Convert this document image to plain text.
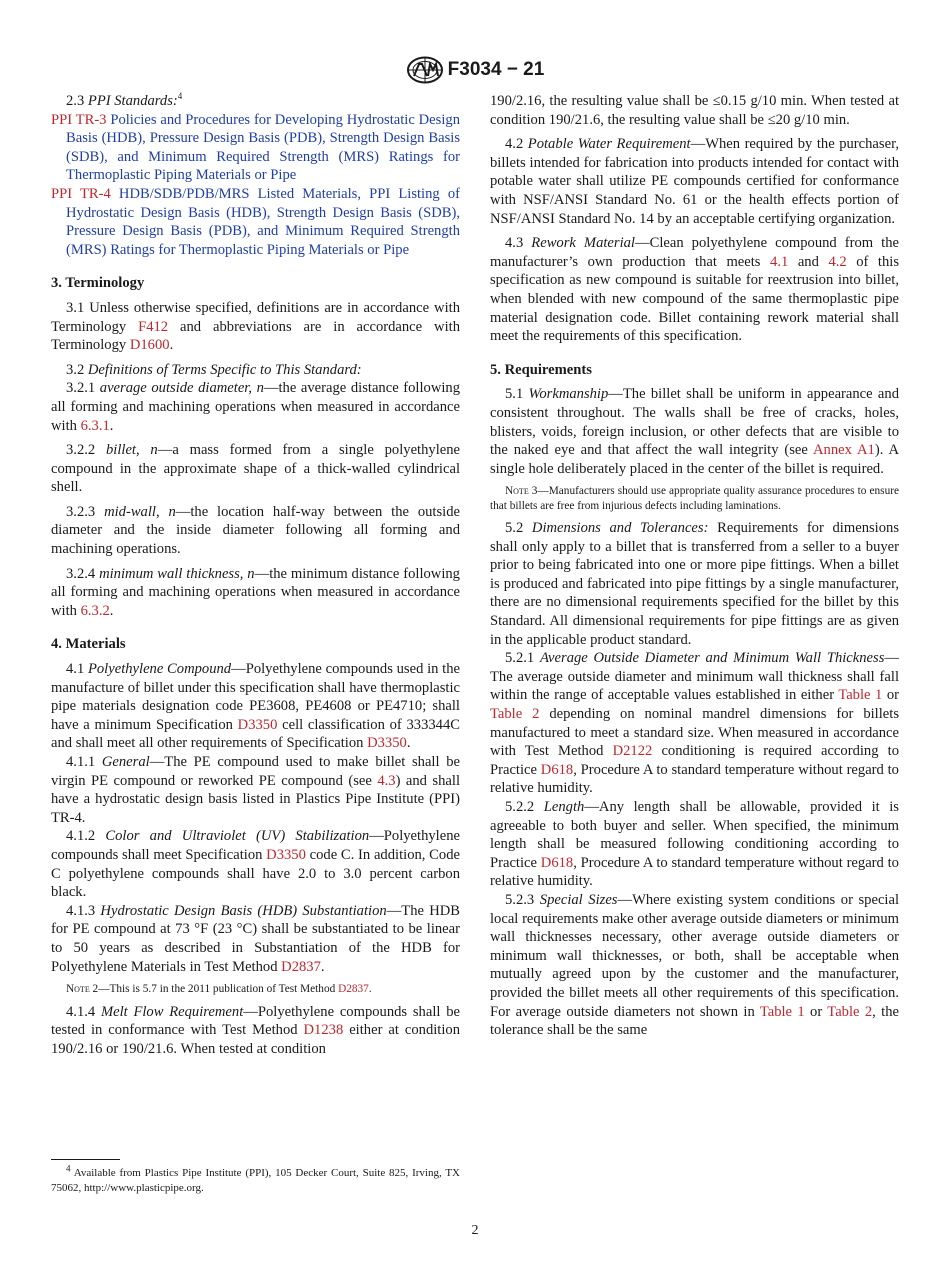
F3034 − 21

2.3 PPI Standards:$^4$

PPI TR-3 Policies and Procedures for Developing Hydrostatic Design Basis (HDB), Pressure Design Basis (PDB), Strength Design Basis (SDB), and Minimum Required Strength (MRS) Ratings for Thermoplastic Piping Materials or Pipe

PPI TR-4 HDB/SDB/PDB/MRS Listed Materials, PPI Listing of Hydrostatic Design Basis (HDB), Strength Design Basis (SDB), Pressure Design Basis (PDB), and Minimum Required Strength (MRS) Ratings for Thermoplastic Piping Materials or Pipe

3. Terminology

3.1 Unless otherwise specified, definitions are in accordance with Terminology F412 and abbreviations are in accordance with Terminology D1600.

3.2 Definitions of Terms Specific to This Standard:

3.2.1 average outside diameter, n—the average distance following all forming and machining operations when measured in accordance with 6.3.1.

3.2.2 billet, n—a mass formed from a single polyethylene compound in the approximate shape of a thick-walled cylindrical shell.

3.2.3 mid-wall, n—the location half-way between the outside diameter and the inside diameter following all forming and machining operations.

3.2.4 minimum wall thickness, n—the minimum distance following all forming and machining operations when measured in accordance with 6.3.2.

4. Materials

4.1 Polyethylene Compound—Polyethylene compounds used in the manufacture of billet under this specification shall have thermoplastic pipe materials designation code PE3608, PE4608 or PE4710; shall have a minimum Specification D3350 cell classification of 333344C and shall meet all other requirements of Specification D3350.

4.1.1 General—The PE compound used to make billet shall be virgin PE compound or reworked PE compound (see 4.3) and shall have a hydrostatic design basis listed in Plastics Pipe Institute (PPI) TR-4.

4.1.2 Color and Ultraviolet (UV) Stabilization—Polyethylene compounds shall meet Specification D3350 code C. In addition, Code C polyethylene compounds shall have 2.0 to 3.0 percent carbon black.

4.1.3 Hydrostatic Design Basis (HDB) Substantiation—The HDB for PE compound at 73 °F (23 °C) shall be substantiated to be linear to 50 years as described in Substantiation of the HDB for Polyethylene Materials in Test Method D2837.

Note 2—This is 5.7 in the 2011 publication of Test Method D2837.

4.1.4 Melt Flow Requirement—Polyethylene compounds shall be tested in conformance with Test Method D1238 either at condition 190/2.16 or 190/21.6. When tested at condition

190/2.16, the resulting value shall be ≤0.15 g/10 min. When tested at condition 190/21.6, the resulting value shall be ≤20 g/10 min.

4.2 Potable Water Requirement—When required by the purchaser, billets intended for fabrication into products intended for contact with potable water shall utilize PE compounds certified for conformance with NSF/ANSI Standard No. 61 or the health effects portion of NSF/ANSI Standard No. 14 by an acceptable certifying organization.

4.3 Rework Material—Clean polyethylene compound from the manufacturer’s own production that meets 4.1 and 4.2 of this specification as new compound is suitable for reextrusion into billet, when blended with new compound of the same thermoplastic pipe material designation code. Billet containing rework material shall meet the requirements of this specification.

5. Requirements

5.1 Workmanship—The billet shall be uniform in appearance and consistent throughout. The walls shall be free of cracks, holes, blisters, voids, foreign inclusion, or other defects that are visible to the naked eye and that affect the wall integrity (see Annex A1). A single hole deliberately placed in the center of the billet is required.

Note 3—Manufacturers should use appropriate quality assurance procedures to ensure that billets are free from injurious defects including laminations.

5.2 Dimensions and Tolerances: Requirements for dimensions shall only apply to a billet that is transferred from a seller to a buyer prior to being fabricated into one or more pipe fittings. When a billet is produced and fabricated into pipe fittings by a single manufacturer, there are no dimensional requirements specified for the billet by this Standard. All dimensional requirements for pipe fittings are as given in the applicable product standard.

5.2.1 Average Outside Diameter and Minimum Wall Thickness— The average outside diameter and minimum wall thickness shall fall within the range of acceptable values established in either Table 1 or Table 2 depending on nominal mandrel dimensions for billets manufactured to meet a standard size. When measured in accordance with Test Method D2122 conditioning is required according to Practice D618, Procedure A to standard temperature without regard to relative humidity.

5.2.2 Length—Any length shall be allowable, provided it is agreeable to both buyer and seller. When specified, the minimum length shall be measured following conditioning according to Practice D618, Procedure A to standard temperature without regard to relative humidity.

5.2.3 Special Sizes—Where existing system conditions or special local requirements make other average outside diameters or minimum wall thicknesses necessary, other average outside diameters or minimum wall thicknesses, or both, shall be acceptable when mutually agreed upon by the customer and the manufacturer, provided the billet meets all other requirements of this specification. For average outside diameters not shown in Table 1 or Table 2, the tolerance shall be the same

$^4$ Available from Plastics Pipe Institute (PPI), 105 Decker Court, Suite 825, Irving, TX 75062, http://www.plasticpipe.org.

2
